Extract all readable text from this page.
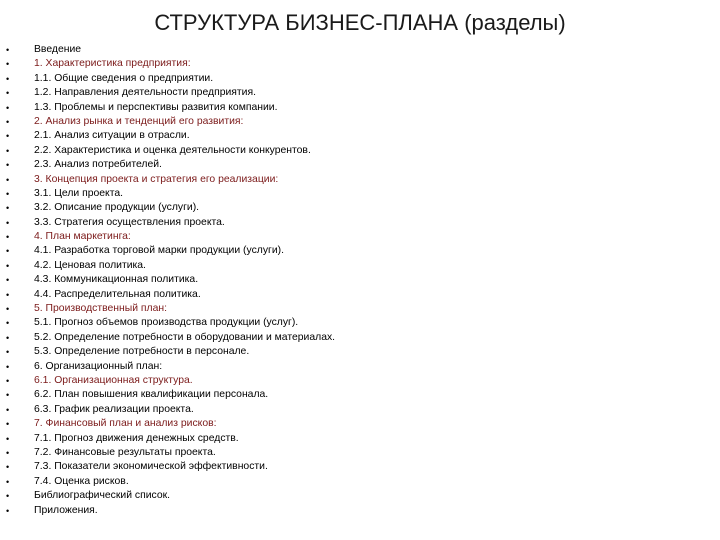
СТРУКТУРА БИЗНЕС-ПЛАНА (разделы)
• Введение
• 1. Характеристика предприятия:
• 1.1. Общие сведения о предприятии.
• 1.2. Направления деятельности предприятия.
• 1.3. Проблемы и перспективы развития компании.
• 2. Анализ рынка и тенденций его развития:
• 2.1. Анализ ситуации в отрасли.
• 2.2. Характеристика и оценка деятельности конкурентов.
• 2.3. Анализ потребителей.
• 3. Концепция проекта и стратегия его реализации:
• 3.1. Цели проекта.
• 3.2. Описание продукции (услуги).
• 3.3. Стратегия осуществления проекта.
• 4. План маркетинга:
• 4.1. Разработка торговой марки продукции (услуги).
• 4.2. Ценовая политика.
• 4.3. Коммуникационная политика.
• 4.4. Распределительная политика.
• 5. Производственный план:
• 5.1. Прогноз объемов производства продукции (услуг).
• 5.2. Определение потребности в оборудовании и материалах.
• 5.3. Определение потребности в персонале.
• 6. Организационный план:
• 6.1. Организационная структура.
• 6.2. План повышения квалификации персонала.
• 6.3. График реализации проекта.
• 7. Финансовый план и анализ рисков:
• 7.1. Прогноз движения денежных средств.
• 7.2. Финансовые результаты проекта.
• 7.3. Показатели экономической эффективности.
• 7.4. Оценка рисков.
• Библиографический список.
• Приложения.
